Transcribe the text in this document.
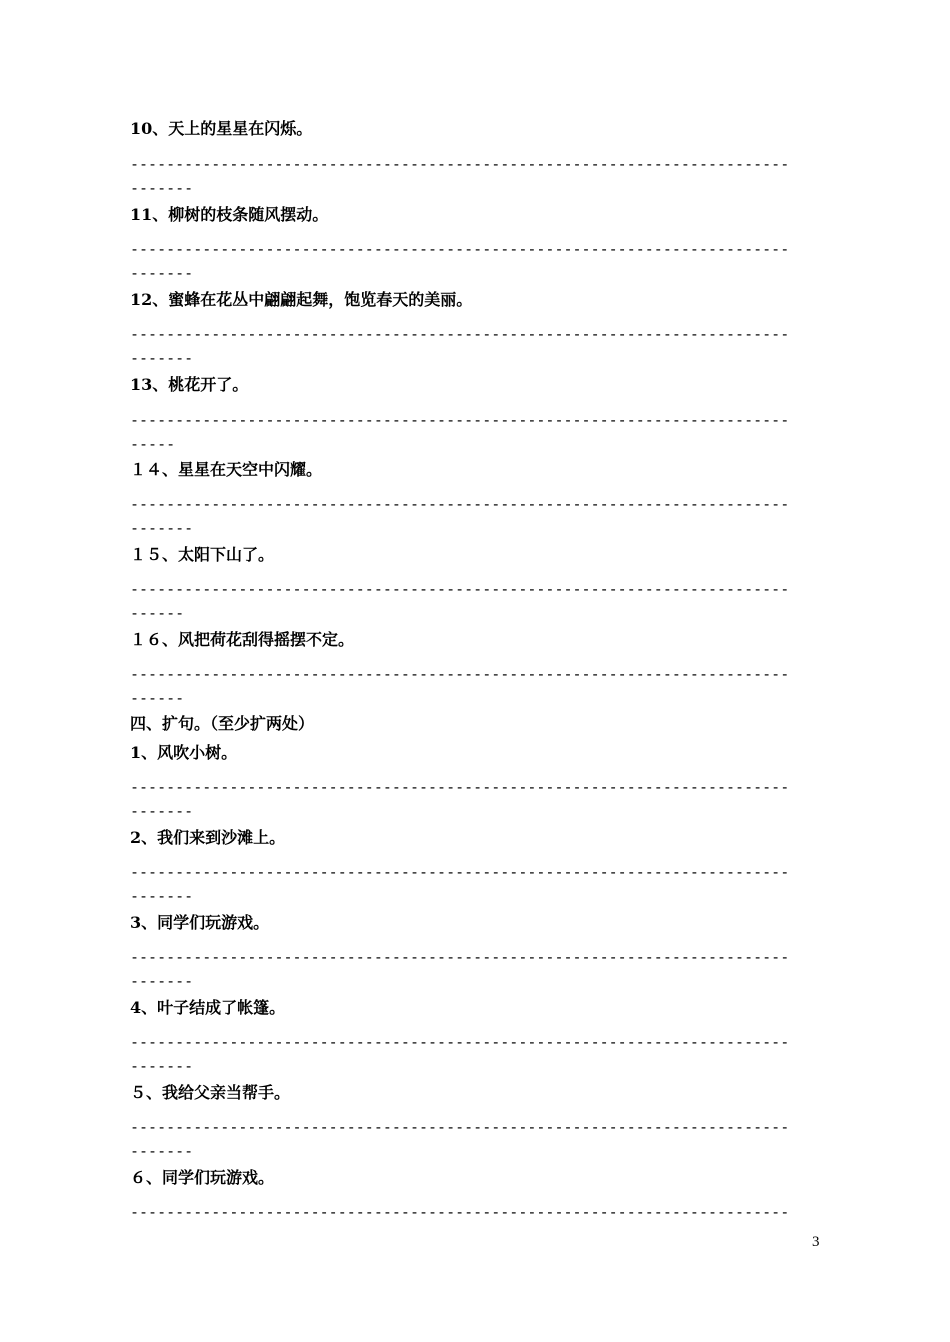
10、天上的星星在闪烁。
-------------------------------------------------------------------------
-------
11、柳树的枝条随风摆动。
-------------------------------------------------------------------------
-------
12、蜜蜂在花丛中翩翩起舞，饱览春天的美丽。
-------------------------------------------------------------------------
-------
13、桃花开了。
-------------------------------------------------------------------------
-----
１４、星星在天空中闪耀。
-------------------------------------------------------------------------
-------
１５、太阳下山了。
-------------------------------------------------------------------------
------
１６、风把荷花刮得摇摆不定。
-------------------------------------------------------------------------
------
四、扩句。（至少扩两处）
1、风吹小树。
-------------------------------------------------------------------------
-------
2、我们来到沙滩上。
-------------------------------------------------------------------------
-------
3、同学们玩游戏。
-------------------------------------------------------------------------
-------
4、叶子结成了帐篷。
-------------------------------------------------------------------------
-------
５、我给父亲当帮手。
-------------------------------------------------------------------------
-------
６、同学们玩游戏。
-------------------------------------------------------------------------
3
